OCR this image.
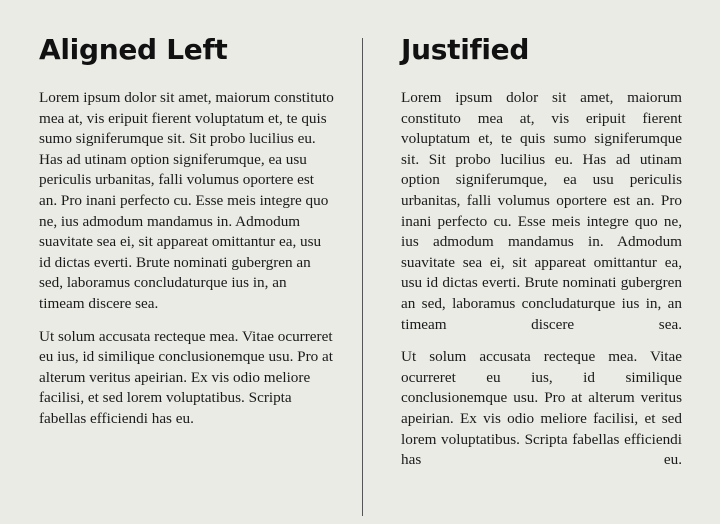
Aligned Left

Lorem ipsum dolor sit amet, maiorum constituto mea at, vis eripuit fierent voluptatum et, te quis sumo signiferumque sit. Sit probo lucilius eu. Has ad utinam option signiferumque, ea usu periculis urbanitas, falli volumus oportere est an. Pro inani perfecto cu. Esse meis integre quo ne, ius admodum mandamus in. Admodum suavitate sea ei, sit appareat omittantur ea, usu id dictas everti. Brute nominati gubergren an sed, laboramus concludaturque ius in, an timeam discere sea.

Ut solum accusata recteque mea. Vitae ocurreret eu ius, id similique conclusionemque usu. Pro at alterum veritus apeirian. Ex vis odio meliore facilisi, et sed lorem voluptatibus. Scripta fabellas efficiendi has eu.

Justified

Lorem ipsum dolor sit amet, maiorum constituto mea at, vis eripuit fierent voluptatum et, te quis sumo signiferumque sit. Sit probo lucilius eu. Has ad utinam option signiferumque, ea usu periculis urbanitas, falli volumus oportere est an. Pro inani perfecto cu. Esse meis integre quo ne, ius admodum mandamus in. Admodum suavitate sea ei, sit appareat omittantur ea, usu id dictas everti. Brute nominati gubergren an sed, laboramus concludaturque ius in, an timeam discere sea.

Ut solum accusata recteque mea. Vitae ocurreret eu ius, id similique conclusionemque usu. Pro at alterum veritus apeirian. Ex vis odio meliore facilisi, et sed lorem voluptatibus. Scripta fabellas efficiendi has eu.
